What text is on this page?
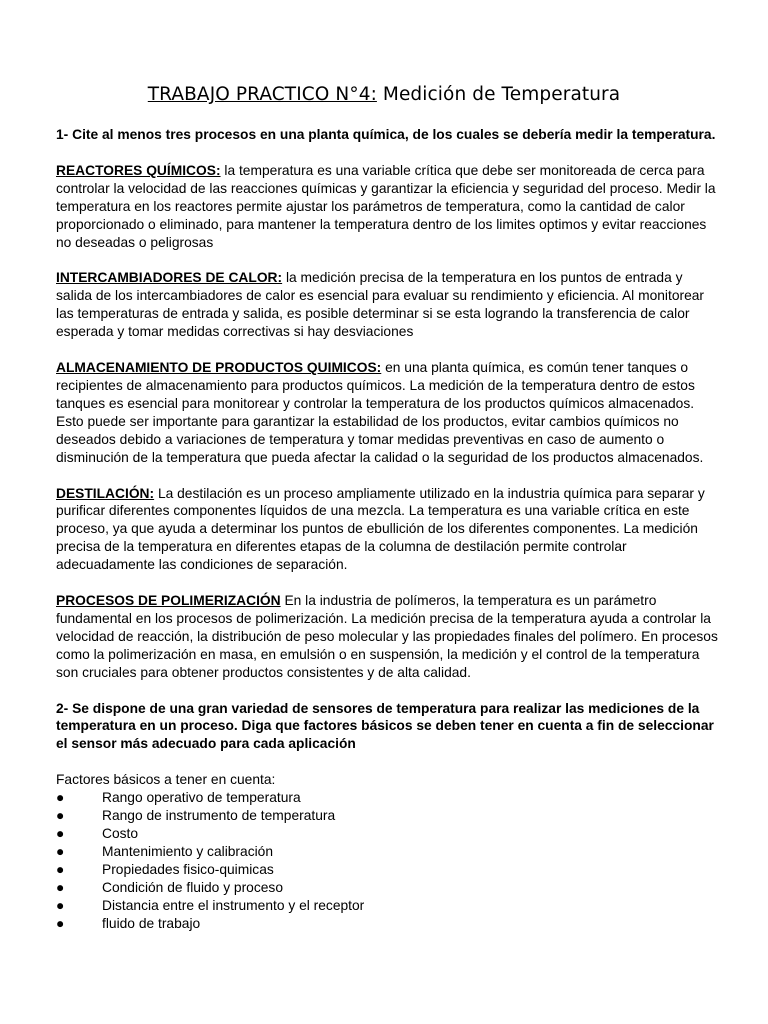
TRABAJO PRACTICO N°4: Medición de Temperatura

1- Cite al menos tres procesos en una planta química, de los cuales se debería medir la temperatura.

REACTORES QUÍMICOS: la temperatura es una variable crítica que debe ser monitoreada de cerca para controlar la velocidad de las reacciones químicas y garantizar la eficiencia y seguridad del proceso. Medir la temperatura en los reactores permite ajustar los parámetros de temperatura, como la cantidad de calor proporcionado o eliminado, para mantener la temperatura dentro de los limites optimos y evitar reacciones no deseadas o peligrosas

INTERCAMBIADORES DE CALOR: la medición precisa de la temperatura en los puntos de entrada y salida de los intercambiadores de calor es esencial para evaluar su rendimiento y eficiencia. Al monitorear las temperaturas de entrada y salida, es posible determinar si se esta logrando la transferencia de calor esperada y tomar medidas correctivas si hay desviaciones

ALMACENAMIENTO DE PRODUCTOS QUIMICOS: en una planta química, es común tener tanques o recipientes de almacenamiento para productos químicos. La medición de la temperatura dentro de estos tanques es esencial para monitorear y controlar la temperatura de los productos químicos almacenados. Esto puede ser importante para garantizar la estabilidad de los productos, evitar cambios químicos no deseados debido a variaciones de temperatura y tomar medidas preventivas en caso de aumento o disminución de la temperatura que pueda afectar la calidad o la seguridad de los productos almacenados.

DESTILACIÓN: La destilación es un proceso ampliamente utilizado en la industria química para separar y purificar diferentes componentes líquidos de una mezcla. La temperatura es una variable crítica en este proceso, ya que ayuda a determinar los puntos de ebullición de los diferentes componentes. La medición precisa de la temperatura en diferentes etapas de la columna de destilación permite controlar adecuadamente las condiciones de separación.

PROCESOS DE POLIMERIZACIÓN En la industria de polímeros, la temperatura es un parámetro fundamental en los procesos de polimerización. La medición precisa de la temperatura ayuda a controlar la velocidad de reacción, la distribución de peso molecular y las propiedades finales del polímero. En procesos como la polimerización en masa, en emulsión o en suspensión, la medición y el control de la temperatura son cruciales para obtener productos consistentes y de alta calidad.

2- Se dispone de una gran variedad de sensores de temperatura para realizar las mediciones de la temperatura en un proceso. Diga que factores básicos se deben tener en cuenta a fin de seleccionar el sensor más adecuado para cada aplicación

Factores básicos a tener en cuenta:

●	Rango operativo de temperatura
●	Rango de instrumento de temperatura
●	Costo
●	Mantenimiento y calibración
●	Propiedades fisico-quimicas
●	Condición de fluido y proceso
●	Distancia entre el instrumento y el receptor
●	fluido de trabajo
